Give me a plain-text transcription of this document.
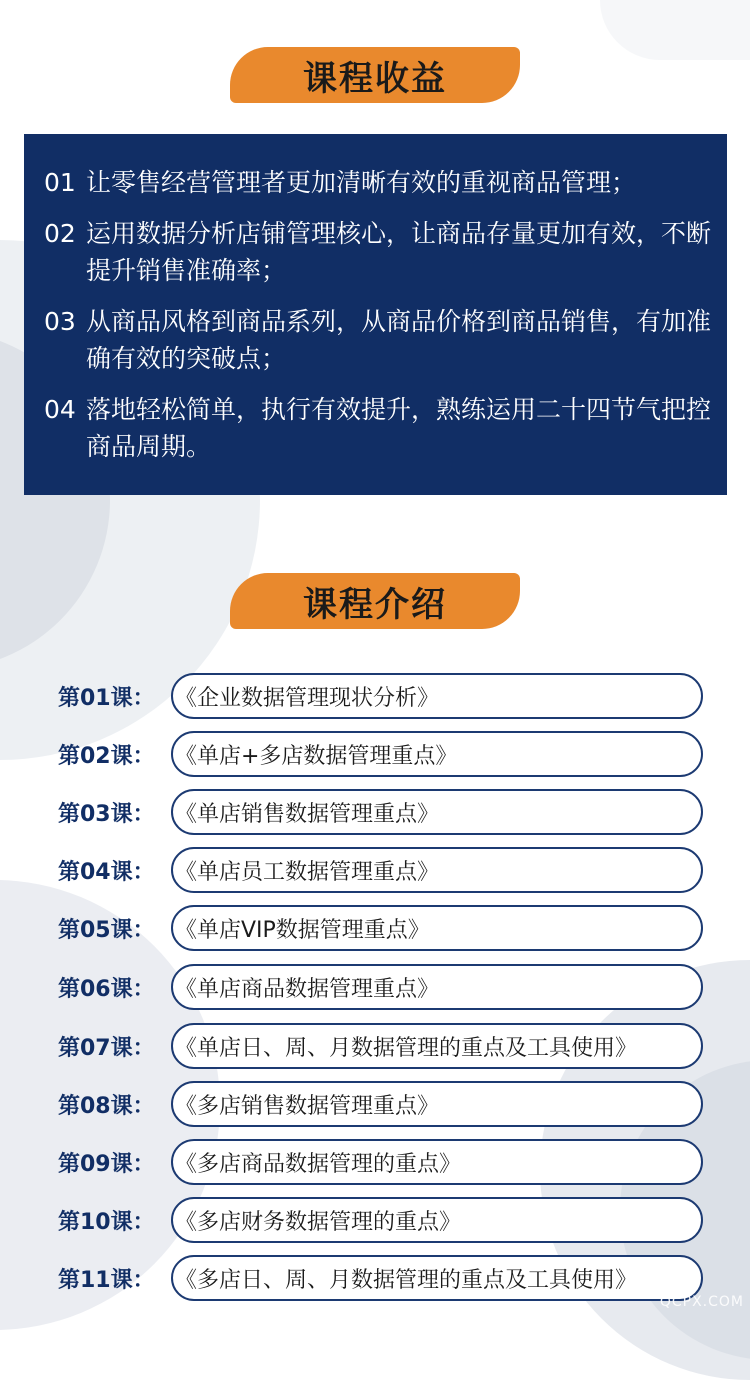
课程收益
01 让零售经营管理者更加清晰有效的重视商品管理；
02 运用数据分析店铺管理核心，让商品存量更加有效，不断提升销售准确率；
03 从商品风格到商品系列，从商品价格到商品销售，有加准确有效的突破点；
04 落地轻松简单，执行有效提升，熟练运用二十四节气把控商品周期。
课程介绍
第01课： 《企业数据管理现状分析》
第02课： 《单店+多店数据管理重点》
第03课： 《单店销售数据管理重点》
第04课： 《单店员工数据管理重点》
第05课： 《单店VIP数据管理重点》
第06课： 《单店商品数据管理重点》
第07课： 《单店日、周、月数据管理的重点及工具使用》
第08课： 《多店销售数据管理重点》
第09课： 《多店商品数据管理的重点》
第10课： 《多店财务数据管理的重点》
第11课： 《多店日、周、月数据管理的重点及工具使用》
QCPX.COM
